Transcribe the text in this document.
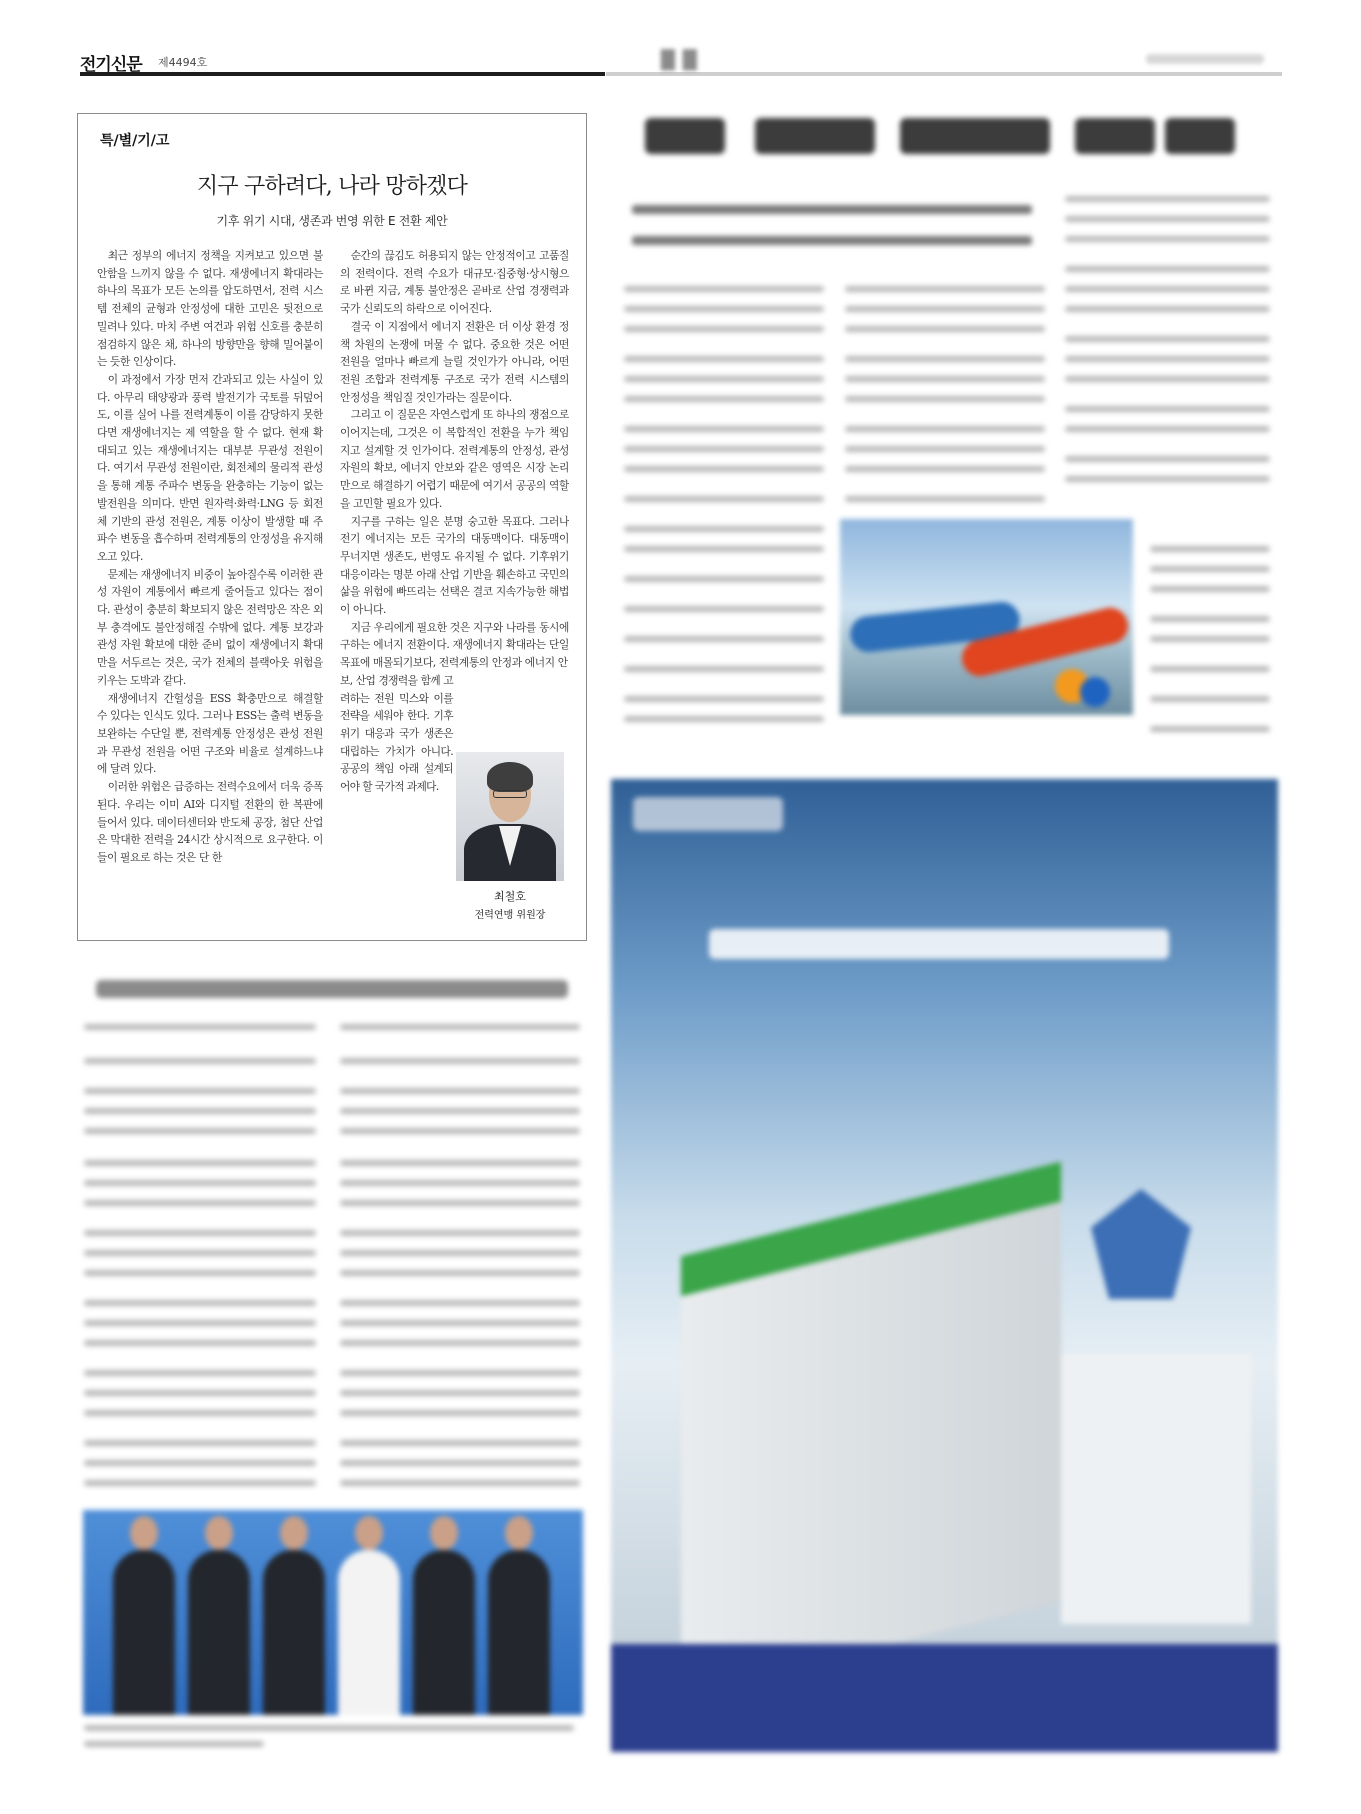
전기신문 제4494호	██
특/별/기/고
지구 구하려다, 나라 망하겠다
기후 위기 시대, 생존과 번영 위한 E 전환 제안

최근 정부의 에너지 정책을 지켜보고 있으면 불안함을 느끼지 않을 수 없다. 재생에너지 확대라는 하나의 목표가 모든 논의를 압도하면서, 전력 시스템 전체의 균형과 안정성에 대한 고민은 뒷전으로 밀려나 있다. 마치 주변 여건과 위험 신호를 충분히 점검하지 않은 채, 하나의 방향만을 향해 밀어붙이는 듯한 인상이다.

이 과정에서 가장 먼저 간과되고 있는 사실이 있다. 아무리 태양광과 풍력 발전기가 국토를 뒤덮어도, 이를 실어 나를 전력계통이 이를 감당하지 못한다면 재생에너지는 제 역할을 할 수 없다. 현재 확대되고 있는 재생에너지는 대부분 무관성 전원이다. 여기서 무관성 전원이란, 회전체의 물리적 관성을 통해 계통 주파수 변동을 완충하는 기능이 없는 발전원을 의미다. 반면 원자력·화력·LNG 등 회전체 기반의 관성 전원은, 계통 이상이 발생할 때 주파수 변동을 흡수하며 전력계통의 안정성을 유지해 오고 있다.

문제는 재생에너지 비중이 높아질수록 이러한 관성 자원이 계통에서 빠르게 줄어들고 있다는 점이다. 관성이 충분히 확보되지 않은 전력망은 작은 외부 충격에도 불안정해질 수밖에 없다. 계통 보강과 관성 자원 확보에 대한 준비 없이 재생에너지 확대만을 서두르는 것은, 국가 전체의 블랙아웃 위험을 키우는 도박과 같다.

재생에너지 간헐성을 ESS 확충만으로 해결할 수 있다는 인식도 있다. 그러나 ESS는 출력 변동을 보완하는 수단일 뿐, 전력계통 안정성은 관성 전원과 무관성 전원을 어떤 구조와 비율로 설계하느냐에 달려 있다.

이러한 위험은 급증하는 전력수요에서 더욱 증폭된다. 우리는 이미 AI와 디지털 전환의 한 복판에 들어서 있다. 데이터센터와 반도체 공장, 첨단 산업은 막대한 전력을 24시간 상시적으로 요구한다. 이들이 필요로 하는 것은 단 한

순간의 끊김도 허용되지 않는 안정적이고 고품질의 전력이다. 전력 수요가 대규모·집중형·상시형으로 바뀐 지금, 계통 불안정은 곧바로 산업 경쟁력과 국가 신뢰도의 하락으로 이어진다.

결국 이 지점에서 에너지 전환은 더 이상 환경 정책 차원의 논쟁에 머물 수 없다. 중요한 것은 어떤 전원을 얼마나 빠르게 늘릴 것인가가 아니라, 어떤 전원 조합과 전력계통 구조로 국가 전력 시스템의 안정성을 책임질 것인가라는 질문이다.

그리고 이 질문은 자연스럽게 또 하나의 쟁점으로 이어지는데, 그것은 이 복합적인 전환을 누가 책임지고 설계할 것 인가이다. 전력계통의 안정성, 관성 자원의 확보, 에너지 안보와 같은 영역은 시장 논리만으로 해결하기 어렵기 때문에 여기서 공공의 역할을 고민할 필요가 있다.

지구를 구하는 일은 분명 숭고한 목표다. 그러나 전기 에너지는 모든 국가의 대동맥이다. 대동맥이 무너지면 생존도, 번영도 유지될 수 없다. 기후위기 대응이라는 명분 아래 산업 기반을 훼손하고 국민의 삶을 위험에 빠뜨리는 선택은 결코 지속가능한 해법이 아니다.

지금 우리에게 필요한 것은 지구와 나라를 동시에 구하는 에너지 전환이다. 재생에너지 확대라는 단일 목표에 매몰되기보다, 전력계통의 안정과 에너지 안

보, 산업 경쟁력을 함께 고려하는 전원 믹스와 이를 전략을 세워야 한다. 기후위기 대응과 국가 생존은 대립하는 가치가 아니다. 공공의 책임 아래 설계되어야 할 국가적 과제다.
최철호
전력연맹 위원장
